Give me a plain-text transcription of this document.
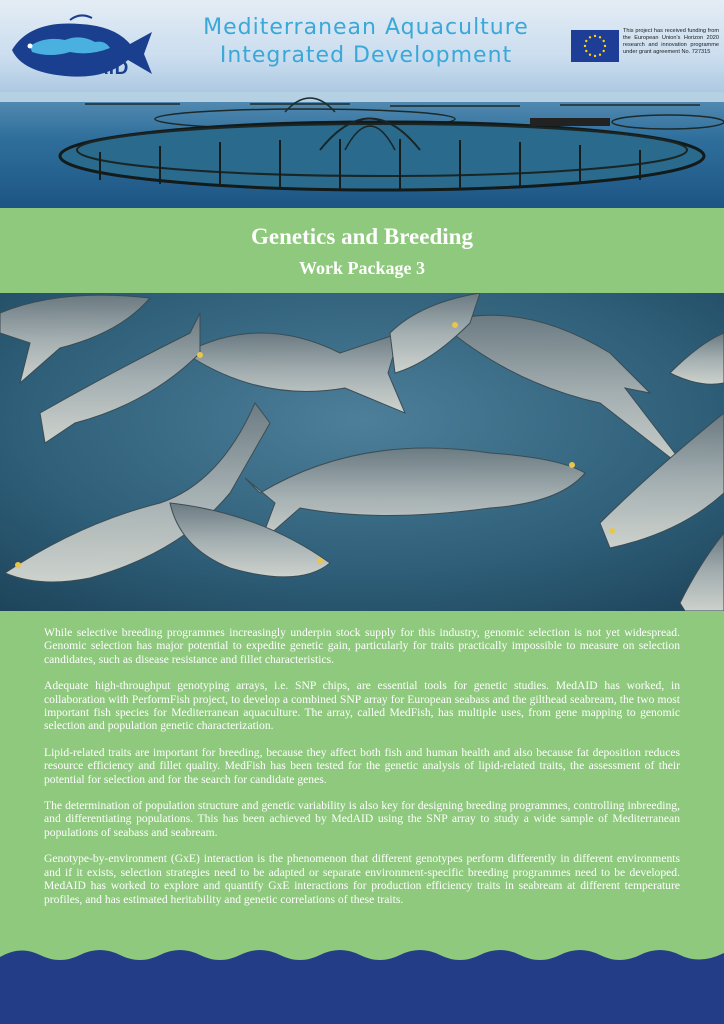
medAID
Mediterranean Aquaculture
Integrated Development
This project has received funding from the European Union's Horizon 2020 research and innovation programme under grant agreement No. 727315
Genetics and Breeding
Work Package 3

While selective breeding programmes increasingly underpin stock supply for this industry, genomic selection is not yet widespread. Genomic selection has major potential to expedite genetic gain, particularly for traits practically impossible to measure on selection candidates, such as disease resistance and fillet characteristics.

Adequate high-throughput genotyping arrays, i.e. SNP chips, are essential tools for genetic studies. MedAID has worked, in collaboration with PerformFish project, to develop a combined SNP array for European seabass and the gilthead seabream, the two most important fish species for Mediterranean aquaculture. The array, called MedFish, has multiple uses, from gene mapping to genomic selection and population genetic characterization.

Lipid-related traits are important for breeding, because they affect both fish and human health and also because fat deposition reduces resource efficiency and fillet quality. MedFish has been tested for the genetic analysis of lipid-related traits, the assessment of their potential for selection and for the search for candidate genes.

The determination of population structure and genetic variability is also key for designing breeding programmes, controlling inbreeding, and differentiating populations. This has been achieved by MedAID using the SNP array to study a wide sample of Mediterranean populations of seabass and seabream.

Genotype-by-environment (GxE) interaction is the phenomenon that different genotypes perform differently in different environments and if it exists, selection strategies need to be adapted or separate environment-specific breeding programmes need to be developed. MedAID has worked to explore and quantify GxE interactions for production efficiency traits in seabream at different temperature profiles, and has estimated heritability and genetic correlations of these traits.
